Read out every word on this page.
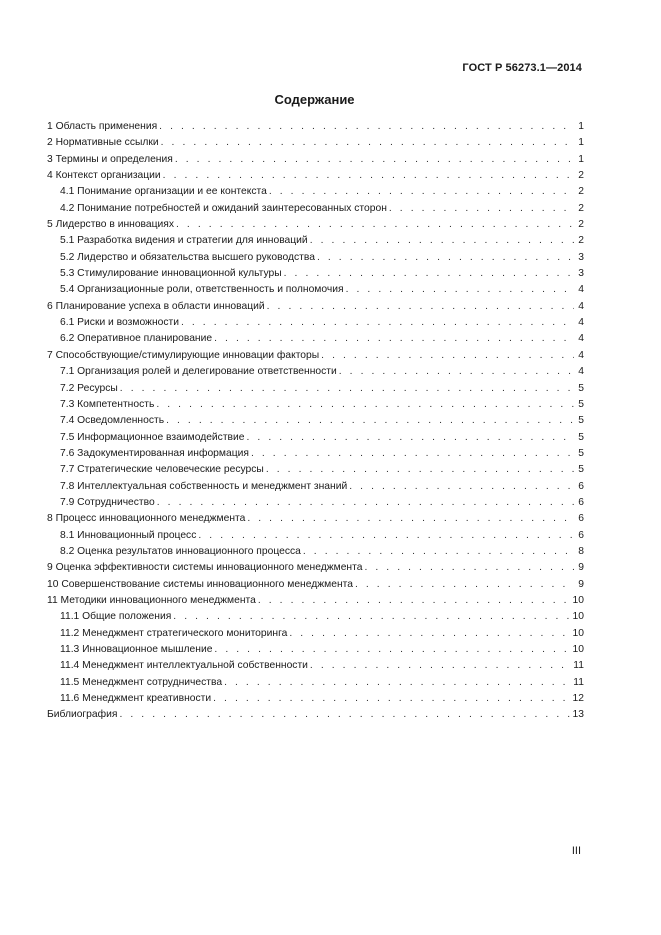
ГОСТ Р 56273.1—2014
Содержание
1 Область применения . . .	1
2 Нормативные ссылки . . .	1
3 Термины и определения . . .	1
4 Контекст организации . . .	2
4.1 Понимание организации и ее контекста . . .	2
4.2 Понимание потребностей и ожиданий заинтересованных сторон . . .	2
5 Лидерство в инновациях . . .	2
5.1 Разработка видения и стратегии для инноваций . . .	2
5.2 Лидерство и обязательства высшего руководства . . .	3
5.3 Стимулирование инновационной культуры . . .	3
5.4 Организационные роли, ответственность и полномочия . . .	4
6 Планирование успеха в области инноваций . . .	4
6.1 Риски и возможности . . .	4
6.2 Оперативное планирование . . .	4
7 Способствующие/стимулирующие инновации факторы . . .	4
7.1 Организация ролей и делегирование ответственности . . .	4
7.2 Ресурсы . . .	5
7.3 Компетентность . . .	5
7.4 Осведомленность . . .	5
7.5 Информационное взаимодействие . . .	5
7.6 Задокументированная информация . . .	5
7.7 Стратегические человеческие ресурсы . . .	5
7.8 Интеллектуальная собственность и менеджмент знаний . . .	6
7.9 Сотрудничество . . .	6
8 Процесс инновационного менеджмента . . .	6
8.1 Инновационный процесс . . .	6
8.2 Оценка результатов инновационного процесса . . .	8
9 Оценка эффективности системы инновационного менеджмента . . .	9
10 Совершенствование системы инновационного менеджмента . . .	9
11 Методики инновационного менеджмента . . .	10
11.1 Общие положения . . .	10
11.2 Менеджмент стратегического мониторинга . . .	10
11.3 Инновационное мышление . . .	10
11.4 Менеджмент интеллектуальной собственности . . .	11
11.5 Менеджмент сотрудничества . . .	11
11.6 Менеджмент креативности . . .	12
Библиография . . .	13
III
